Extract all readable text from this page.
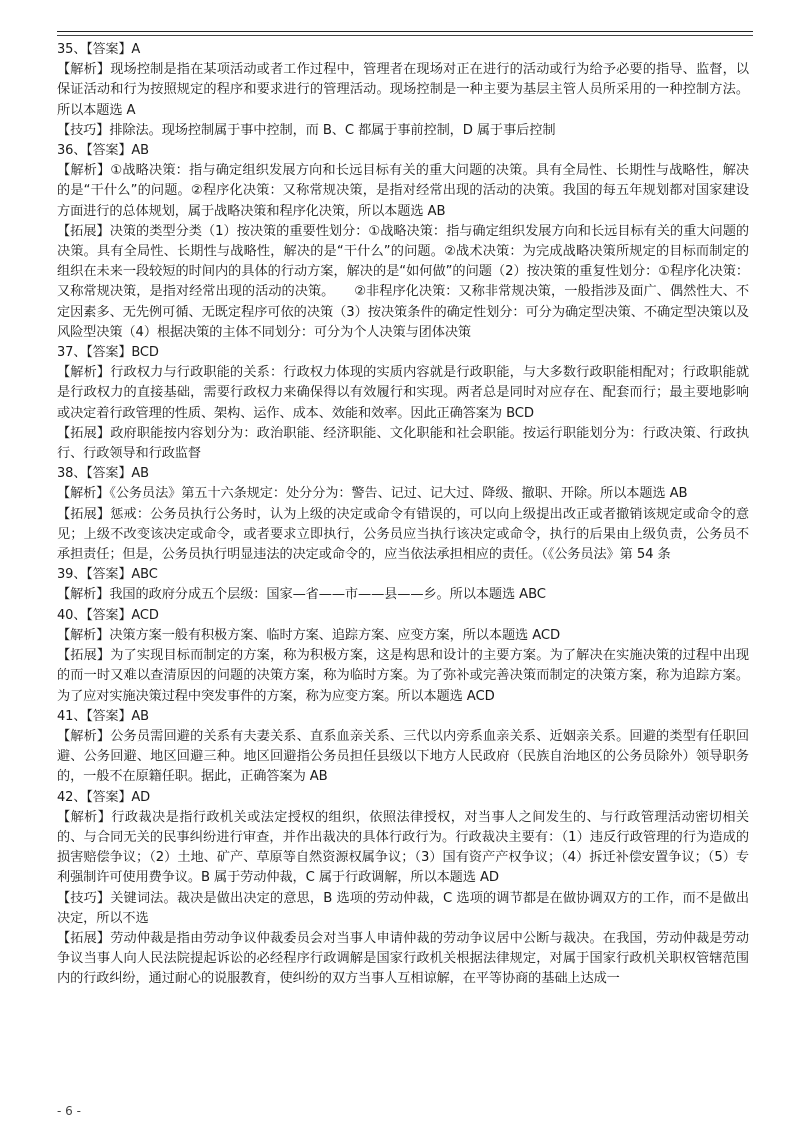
35、【答案】A

【解析】现场控制是指在某项活动或者工作过程中，管理者在现场对正在进行的活动或行为给予必要的指导、监督，以保证活动和行为按照规定的程序和要求进行的管理活动。现场控制是一种主要为基层主管人员所采用的一种控制方法。所以本题选 A

【技巧】排除法。现场控制属于事中控制，而 B、C 都属于事前控制，D 属于事后控制

36、【答案】AB

【解析】①战略决策：指与确定组织发展方向和长远目标有关的重大问题的决策。具有全局性、长期性与战略性，解决的是“干什么”的问题。②程序化决策：又称常规决策，是指对经常出现的活动的决策。我国的每五年规划都对国家建设方面进行的总体规划，属于战略决策和程序化决策，所以本题选 AB

【拓展】决策的类型分类（1）按决策的重要性划分：①战略决策：指与确定组织发展方向和长远目标有关的重大问题的决策。具有全局性、长期性与战略性，解决的是“干什么”的问题。②战术决策：为完成战略决策所规定的目标而制定的组织在未来一段较短的时间内的具体的行动方案，解决的是“如何做”的问题（2）按决策的重复性划分：①程序化决策：又称常规决策，是指对经常出现的活动的决策。　　②非程序化决策：又称非常规决策，一般指涉及面广、偶然性大、不定因素多、无先例可循、无既定程序可依的决策（3）按决策条件的确定性划分：可分为确定型决策、不确定型决策以及风险型决策（4）根据决策的主体不同划分：可分为个人决策与团体决策

37、【答案】BCD

【解析】行政权力与行政职能的关系：行政权力体现的实质内容就是行政职能，与大多数行政职能相配对；行政职能就是行政权力的直接基础，需要行政权力来确保得以有效履行和实现。两者总是同时对应存在、配套而行；最主要地影响或决定着行政管理的性质、架构、运作、成本、效能和效率。因此正确答案为 BCD

【拓展】政府职能按内容划分为：政治职能、经济职能、文化职能和社会职能。按运行职能划分为：行政决策、行政执行、行政领导和行政监督

38、【答案】AB

【解析】《公务员法》第五十六条规定：处分分为：警告、记过、记大过、降级、撤职、开除。所以本题选 AB

【拓展】惩戒：公务员执行公务时，认为上级的决定或命令有错误的，可以向上级提出改正或者撤销该规定或命令的意见；上级不改变该决定或命令，或者要求立即执行，公务员应当执行该决定或命令，执行的后果由上级负责，公务员不承担责任；但是，公务员执行明显违法的决定或命令的，应当依法承担相应的责任。（《公务员法》第 54 条

39、【答案】ABC

【解析】我国的政府分成五个层级：国家—省——市——县——乡。所以本题选 ABC

40、【答案】ACD

【解析】决策方案一般有积极方案、临时方案、追踪方案、应变方案，所以本题选 ACD

【拓展】为了实现目标而制定的方案，称为积极方案，这是构思和设计的主要方案。为了解决在实施决策的过程中出现的而一时又难以查清原因的问题的决策方案，称为临时方案。为了弥补或完善决策而制定的决策方案，称为追踪方案。为了应对实施决策过程中突发事件的方案，称为应变方案。所以本题选 ACD

41、【答案】AB

【解析】公务员需回避的关系有夫妻关系、直系血亲关系、三代以内旁系血亲关系、近姻亲关系。回避的类型有任职回避、公务回避、地区回避三种。地区回避指公务员担任县级以下地方人民政府（民族自治地区的公务员除外）领导职务的，一般不在原籍任职。据此，正确答案为 AB

42、【答案】AD

【解析】行政裁决是指行政机关或法定授权的组织，依照法律授权，对当事人之间发生的、与行政管理活动密切相关的、与合同无关的民事纠纷进行审查，并作出裁决的具体行政行为。行政裁决主要有：（1）违反行政管理的行为造成的损害赔偿争议；（2）土地、矿产、草原等自然资源权属争议；（3）国有资产产权争议；（4）拆迁补偿安置争议；（5）专利强制许可使用费争议。B 属于劳动仲裁，C 属于行政调解，所以本题选 AD

【技巧】关键词法。裁决是做出决定的意思，B 选项的劳动仲裁，C 选项的调节都是在做协调双方的工作，而不是做出决定，所以不选

【拓展】劳动仲裁是指由劳动争议仲裁委员会对当事人申请仲裁的劳动争议居中公断与裁决。在我国，劳动仲裁是劳动争议当事人向人民法院提起诉讼的必经程序行政调解是国家行政机关根据法律规定，对属于国家行政机关职权管辖范围内的行政纠纷，通过耐心的说服教育，使纠纷的双方当事人互相谅解，在平等协商的基础上达成一

- 6 -
